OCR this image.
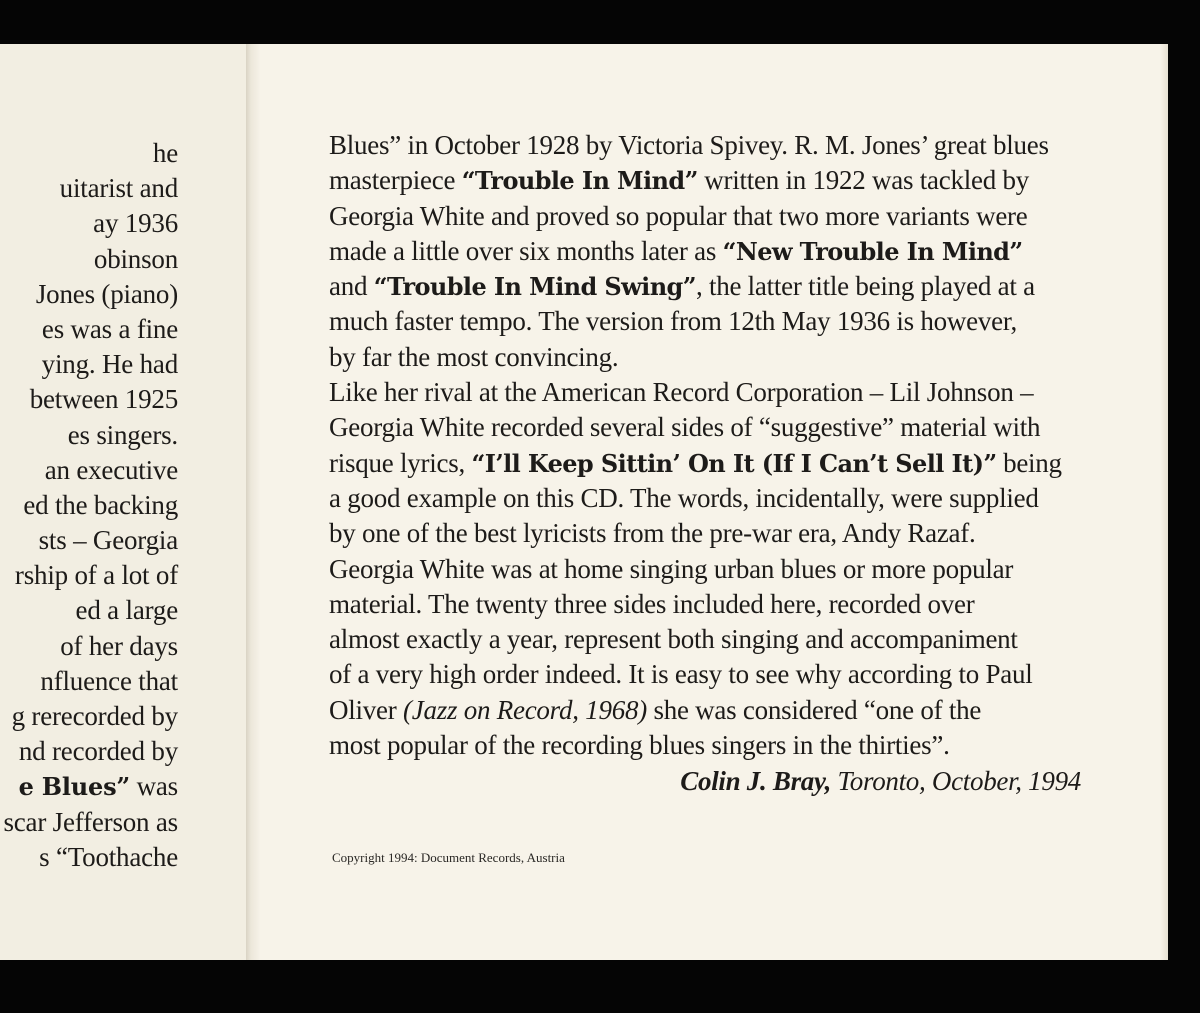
he
uitarist and
ay 1936
obinson
Jones (piano)
es was a fine
ying. He had
between 1925
es singers.
an executive
ed the backing
sts – Georgia
rship of a lot of
ed a large
of her days
nfluence that
g rerecorded by
nd recorded by
e Blues” was
scar Jefferson as
s “Toothache

Blues” in October 1928 by Victoria Spivey. R. M. Jones’ great blues

masterpiece “Trouble In Mind” written in 1922 was tackled by

Georgia White and proved so popular that two more variants were

made a little over six months later as “New Trouble In Mind”

and “Trouble In Mind Swing”, the latter title being played at a

much faster tempo. The version from 12th May 1936 is however,

by far the most convincing.

Like her rival at the American Record Corporation – Lil Johnson –

Georgia White recorded several sides of “suggestive” material with

risque lyrics, “I’ll Keep Sittin’ On It (If I Can’t Sell It)” being

a good example on this CD. The words, incidentally, were supplied

by one of the best lyricists from the pre-war era, Andy Razaf.

Georgia White was at home singing urban blues or more popular

material. The twenty three sides included here, recorded over

almost exactly a year, represent both singing and accompaniment

of a very high order indeed. It is easy to see why according to Paul

Oliver (Jazz on Record, 1968) she was considered “one of the

most popular of the recording blues singers in the thirties”.

Colin J. Bray, Toronto, October, 1994
Copyright 1994: Document Records, Austria
